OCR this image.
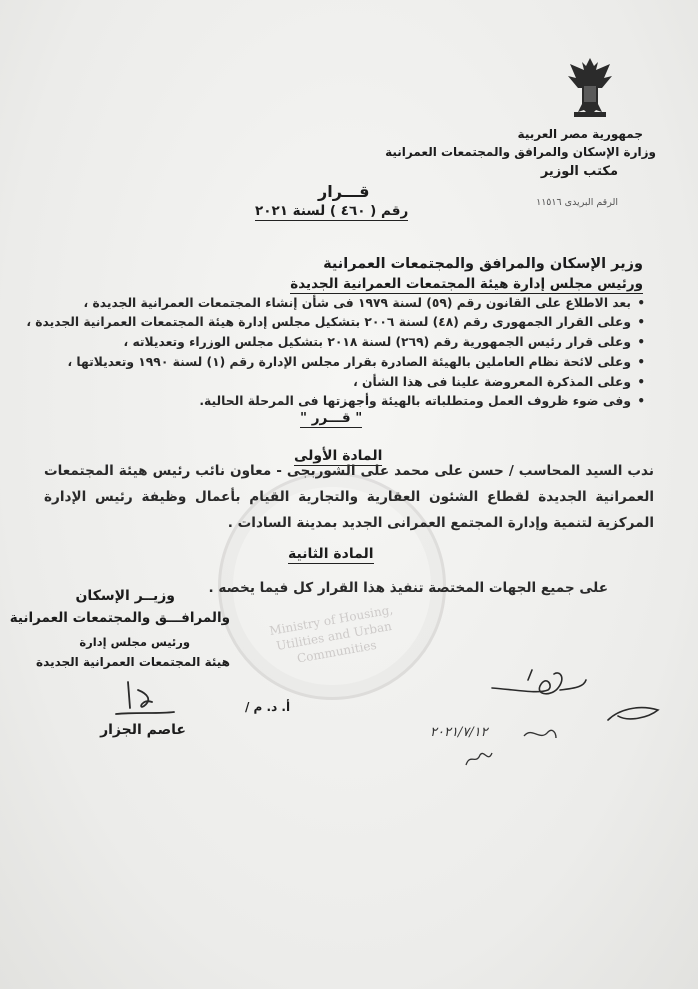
جمهورية مصر العربية
وزارة الإسكان والمرافق والمجتمعات العمرانية
مكتب الوزير
الرقم البريدى ١١٥١٦
قـــرار
رقم ( ٤٦٠ ) لسنة ٢٠٢١
وزير الإسكان والمرافق والمجتمعات العمرانية
ورئيس مجلس إدارة هيئة المجتمعات العمرانية الجديدة
بعد الاطلاع على القانون رقم (٥٩) لسنة ١٩٧٩ فى شأن إنشاء المجتمعات العمرانية الجديدة ، •
وعلى القرار الجمهورى رقم (٤٨) لسنة ٢٠٠٦ بتشكيل مجلس إدارة هيئة المجتمعات العمرانية الجديدة ، •
وعلى قرار رئيس الجمهورية رقم (٢٦٩) لسنة ٢٠١٨ بتشكيل مجلس الوزراء وتعديلاته ، •
وعلى لائحة نظام العاملين بالهيئة الصادرة بقرار مجلس الإدارة رقم (١) لسنة ١٩٩٠ وتعديلاتها ، •
وعلى المذكرة المعروضة علينا فى هذا الشأن ، •
وفى ضوء ظروف العمل ومتطلباته بالهيئة وأجهزتها فى المرحلة الحالية. •
" قـــرر "
Ministry of Housing, Utilities and Urban Communities
المادة الأولى
ندب السيد المحاسب / حسن على محمد على الشوربجى - معاون نائب رئيس هيئة المجتمعات العمرانية الجديدة لقطاع الشئون العقارية والتجارية القيام بأعمال وظيفة رئيس الإدارة المركزية لتنمية وإدارة المجتمع العمرانى الجديد بمدينة السادات .
المادة الثانية
على جميع الجهات المختصة تنفيذ هذا القرار كل فيما يخصه .
وزيــر الإسكان
والمرافـــق والمجتمعات العمرانية
ورئيس مجلس إدارة
هيئة المجتمعات العمرانية الجديدة
عاصم الجزار
أ. د. م /
٢٠٢١/٧/١٢
